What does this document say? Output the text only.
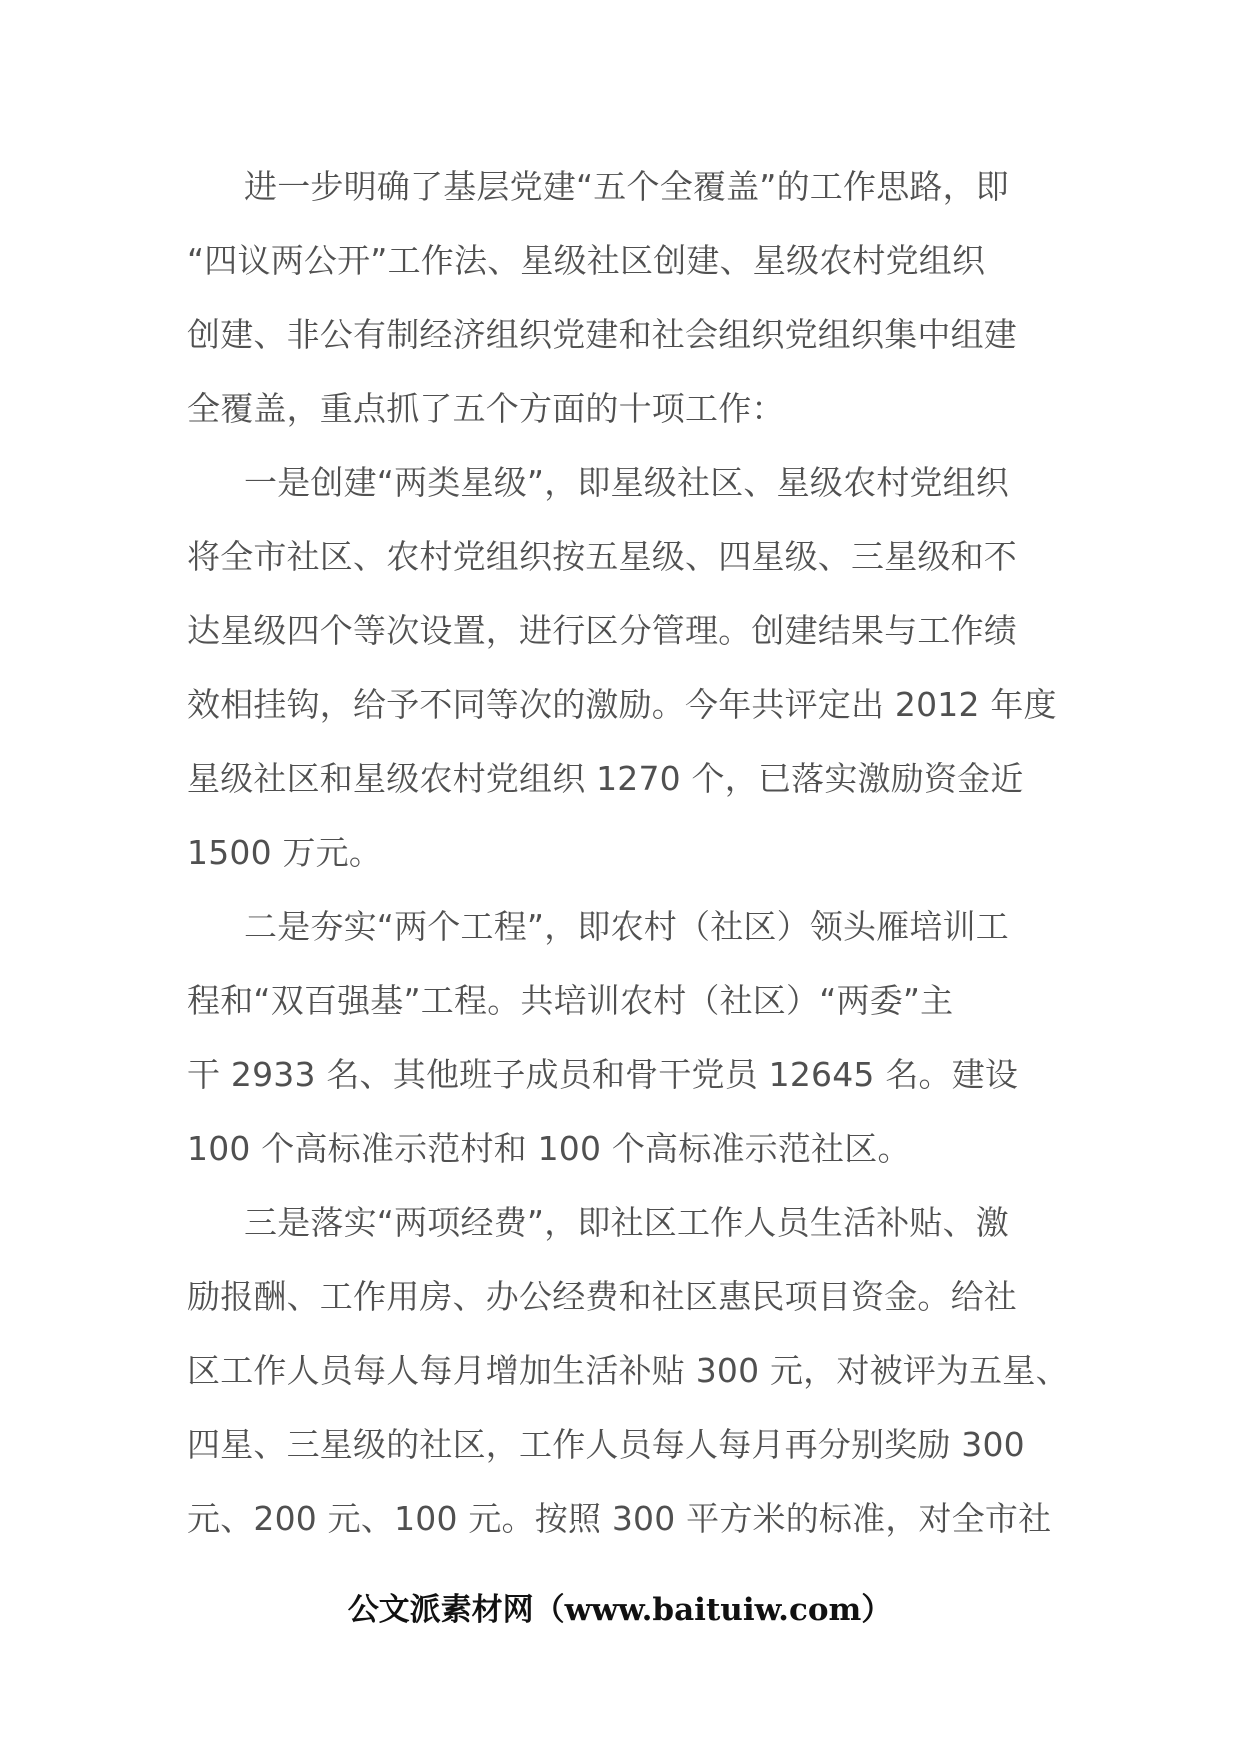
进一步明确了基层党建“五个全覆盖”的工作思路，即
“四议两公开”工作法、星级社区创建、星级农村党组织
创建、非公有制经济组织党建和社会组织党组织集中组建
全覆盖，重点抓了五个方面的十项工作：
一是创建“两类星级”，即星级社区、星级农村党组织
将全市社区、农村党组织按五星级、四星级、三星级和不
达星级四个等次设置，进行区分管理。创建结果与工作绩
效相挂钩，给予不同等次的激励。今年共评定出 2012 年度
星级社区和星级农村党组织 1270 个，已落实激励资金近
1500 万元。
二是夯实“两个工程”，即农村（社区）领头雁培训工
程和“双百强基”工程。共培训农村（社区）“两委”主
干 2933 名、其他班子成员和骨干党员 12645 名。建设
100 个高标准示范村和 100 个高标准示范社区。
三是落实“两项经费”，即社区工作人员生活补贴、激
励报酬、工作用房、办公经费和社区惠民项目资金。给社
区工作人员每人每月增加生活补贴 300 元，对被评为五星、
四星、三星级的社区，工作人员每人每月再分别奖励 300
元、200 元、100 元。按照 300 平方米的标准，对全市社
公文派素材网（www.baituiw.com）
